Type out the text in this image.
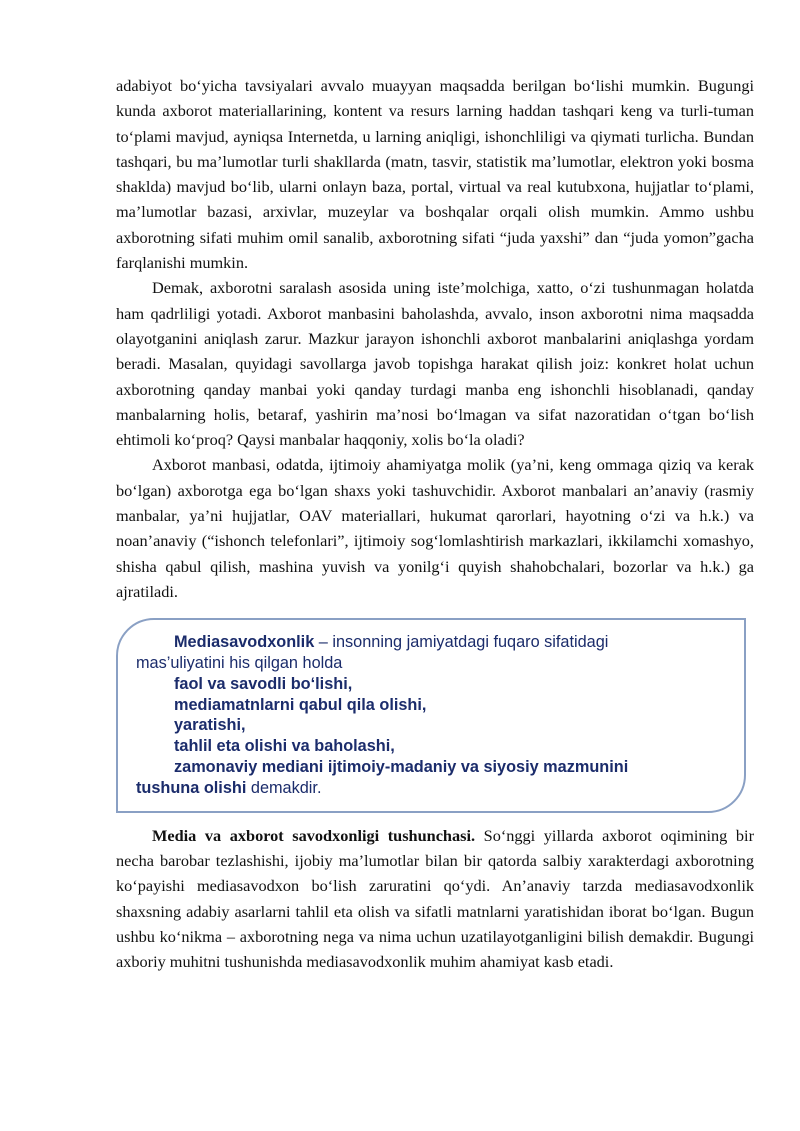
adabiyot bo‘yicha tavsiyalari avvalo muayyan maqsadda berilgan bo‘lishi mumkin. Bugungi kunda axborot materiallarining, kontent va resurs larning haddan tashqari keng va turli-tuman to‘plami mavjud, ayniqsa Internetda, u larning aniqligi, ishonchliligi va qiymati turlicha. Bundan tashqari, bu ma’lumotlar turli shakllarda (matn, tasvir, statistik ma’lumotlar, elektron yoki bosma shaklda) mavjud bo‘lib, ularni onlayn baza, portal, virtual va real kutubxona, hujjatlar to‘plami, ma’lumotlar bazasi, arxivlar, muzeylar va boshqalar orqali olish mumkin. Ammo ushbu axborotning sifati muhim omil sanalib, axborotning sifati “juda yaxshi” dan “juda yomon”gacha farqlanishi mumkin.

Demak, axborotni saralash asosida uning iste’molchiga, xatto, o‘zi tushunmagan holatda ham qadrliligi yotadi. Axborot manbasini baholashda, avvalo, inson axborotni nima maqsadda olayotganini aniqlash zarur. Mazkur jarayon ishonchli axborot manbalarini aniqlashga yordam beradi. Masalan, quyidagi savollarga javob topishga harakat qilish joiz: konkret holat uchun axborotning qanday manbai yoki qanday turdagi manba eng ishonchli hisoblanadi, qanday manbalarning holis, betaraf, yashirin ma’nosi bo‘lmagan va sifat nazoratidan o‘tgan bo‘lish ehtimoli ko‘proq? Qaysi manbalar haqqoniy, xolis bo‘la oladi?

Axborot manbasi, odatda, ijtimoiy ahamiyatga molik (ya’ni, keng ommaga qiziq va kerak bo‘lgan) axborotga ega bo‘lgan shaxs yoki tashuvchidir. Axborot manbalari an’anaviy (rasmiy manbalar, ya’ni hujjatlar, OAV materiallari, hukumat qarorlari, hayotning o‘zi va h.k.) va noan’anaviy (“ishonch telefonlari”, ijtimoiy sog‘lomlashtirish markazlari, ikkilamchi xomashyo, shisha qabul qilish, mashina yuvish va yonilg‘i quyish shahobchalari, bozorlar va h.k.) ga ajratiladi.

Mediasavodxonlik – insonning jamiyatdagi fuqaro sifatidagi
mas’uliyatini his qilgan holda
faol va savodli bo‘lishi,
mediamatnlarni qabul qila olishi,
yaratishi,
tahlil eta olishi va baholashi,
zamonaviy mediani ijtimoiy-madaniy va siyosiy mazmunini
tushuna olishi demakdir.

Media va axborot savodxonligi tushunchasi. So‘nggi yillarda axborot oqimining bir necha barobar tezlashishi, ijobiy ma’lumotlar bilan bir qatorda salbiy xarakterdagi axborotning ko‘payishi mediasavodxon bo‘lish zaruratini qo‘ydi. An’anaviy tarzda mediasavodxonlik shaxsning adabiy asarlarni tahlil eta olish va sifatli matnlarni yaratishidan iborat bo‘lgan. Bugun ushbu ko‘nikma – axborotning nega va nima uchun uzatilayotganligini bilish demakdir. Bugungi axboriy muhitni tushunishda mediasavodxonlik muhim ahamiyat kasb etadi.
